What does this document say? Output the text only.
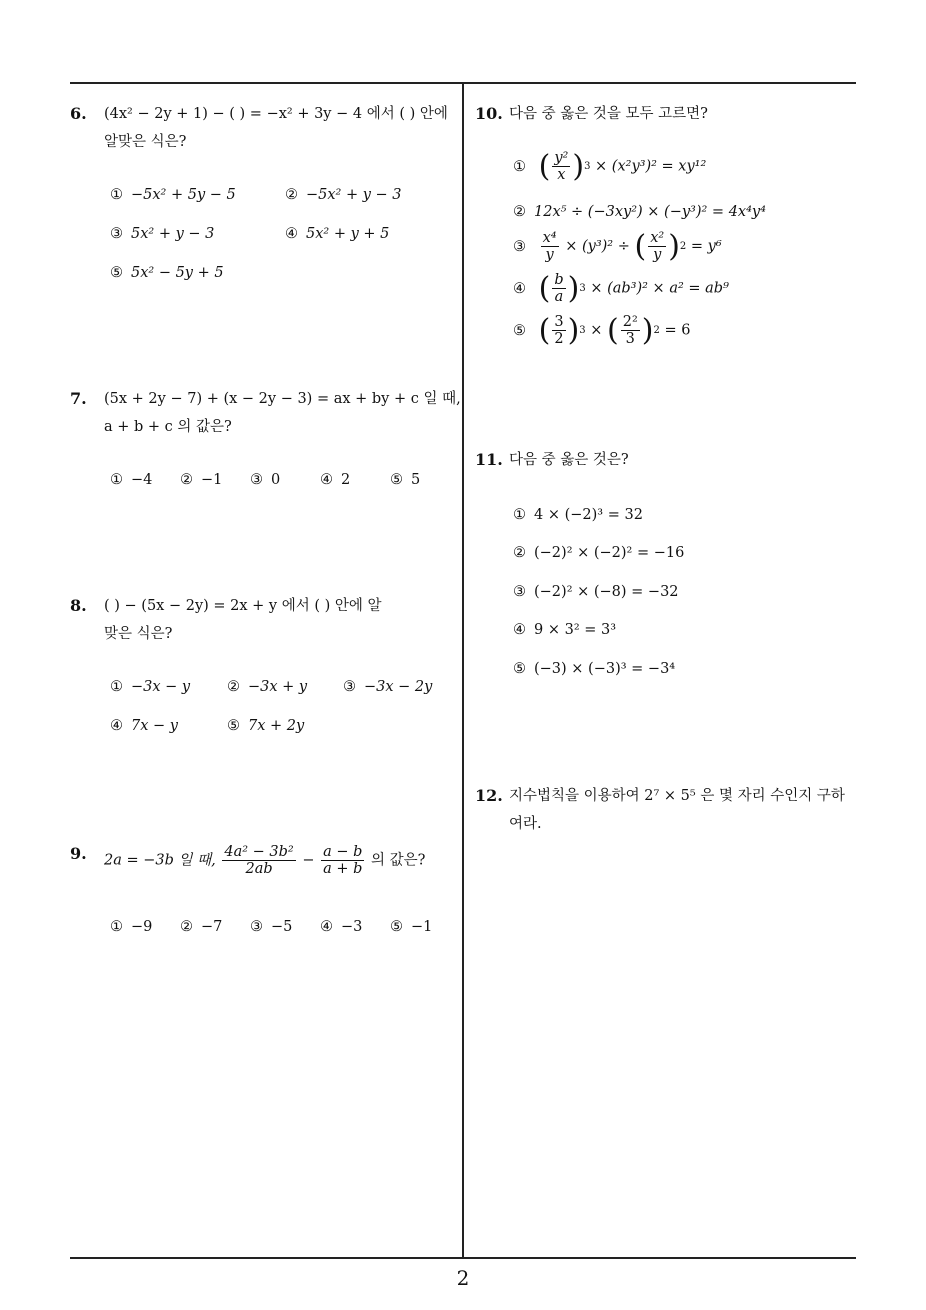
6. (4x² − 2y + 1) − ( ) = −x² + 3y − 4 에서 ( ) 안에
알맞은 식은?
① −5x² + 5y − 5	② −5x² + y − 3
③ 5x² + y − 3	④ 5x² + y + 5
⑤ 5x² − 5y + 5
7. (5x + 2y − 7) + (x − 2y − 3) = ax + by + c 일 때,
a + b + c 의 값은?
① −4 ② −1 ③ 0	④ 2	⑤ 5
8. ( ) − (5x − 2y) = 2x + y 에서 ( ) 안에 알
맞은 식은?
① −3x − y	② −3x + y ③ −3x − 2y
④ 7x − y	⑤ 7x + 2y
9. 2a = −3b 일 때, $\frac{\text{4a² − 3b²}}{2ab} - \frac{a - b}{a + b}$ 의 값은?
① −9 ② −7 ③ −5 ④ −3 ⑤ −1
10. 다음 중 옳은 것을 모두 고르면?
① ( $\frac{\text{y²}}{x}$ ) 3 × (x²y³)² = xy¹²
② 12x⁵ ÷ (−3xy²) × (−y³)² = 4x⁴y⁴
③ $\frac{\text{x⁴}}{y} \times (y^3)^2$ ÷ ( $\frac{\text{x²}}{y}$ ) 2 = y⁶
④ ( $\frac{b}{a}$ ) 3 × (ab³)² × a² = ab⁹
⑤ ( $\frac{3}{2}$ ) 3 × ( $\frac{\text{2²}}{3}$ ) 2 = 6
11. 다음 중 옳은 것은?
① 4 × (−2)³ = 32
② (−2)² × (−2)² = −16
③ (−2)² × (−8) = −32
④ 9 × 3² = 3³
⑤ (−3) × (−3)³ = −3⁴
12. 지수법칙을 이용하여 2⁷ × 5⁵ 은 몇 자리 수인지 구하
여라.
2
